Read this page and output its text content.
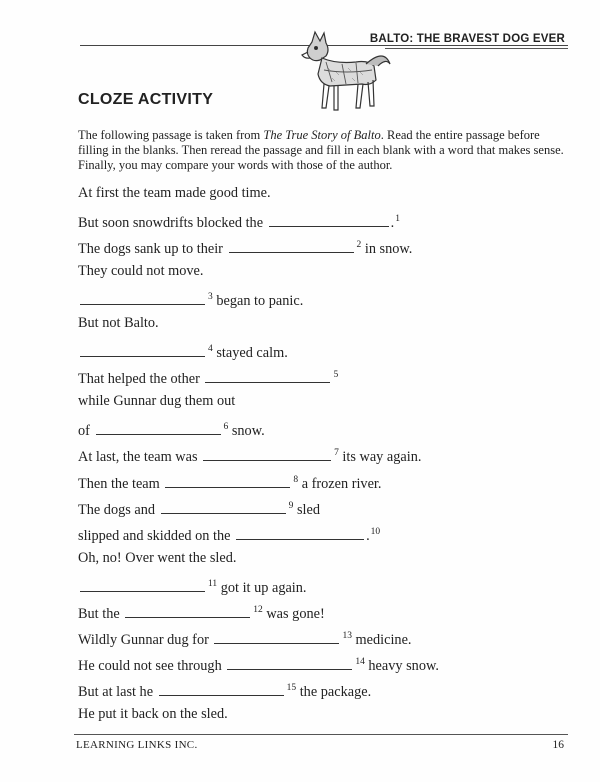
BALTO: THE BRAVEST DOG EVER
CLOZE ACTIVITY
The following passage is taken from The True Story of Balto. Read the entire passage before filling in the blanks. Then reread the passage and fill in each blank with a word that makes sense. Finally, you may compare your words with those of the author.
At first the team made good time.
But soon snowdrifts blocked the	.$^1$
The dogs sank up to their	$^2$ in snow.
They could not move.
$^3$ began to panic.
But not Balto.
$^4$ stayed calm.
That helped the other	$^5$
while Gunnar dug them out
of	$^6$ snow.
At last, the team was	$^7$ its way again.
Then the team	$^8$ a frozen river.
The dogs and	$^9$ sled
slipped and skidded on the	.$^{10}$
Oh, no! Over went the sled.
$^{11}$ got it up again.
But the	$^{12}$ was gone!
Wildly Gunnar dug for	$^{13}$ medicine.
He could not see through	$^{14}$ heavy snow.
But at last he	$^{15}$ the package.
He put it back on the sled.
LEARNING LINKS INC.	16
